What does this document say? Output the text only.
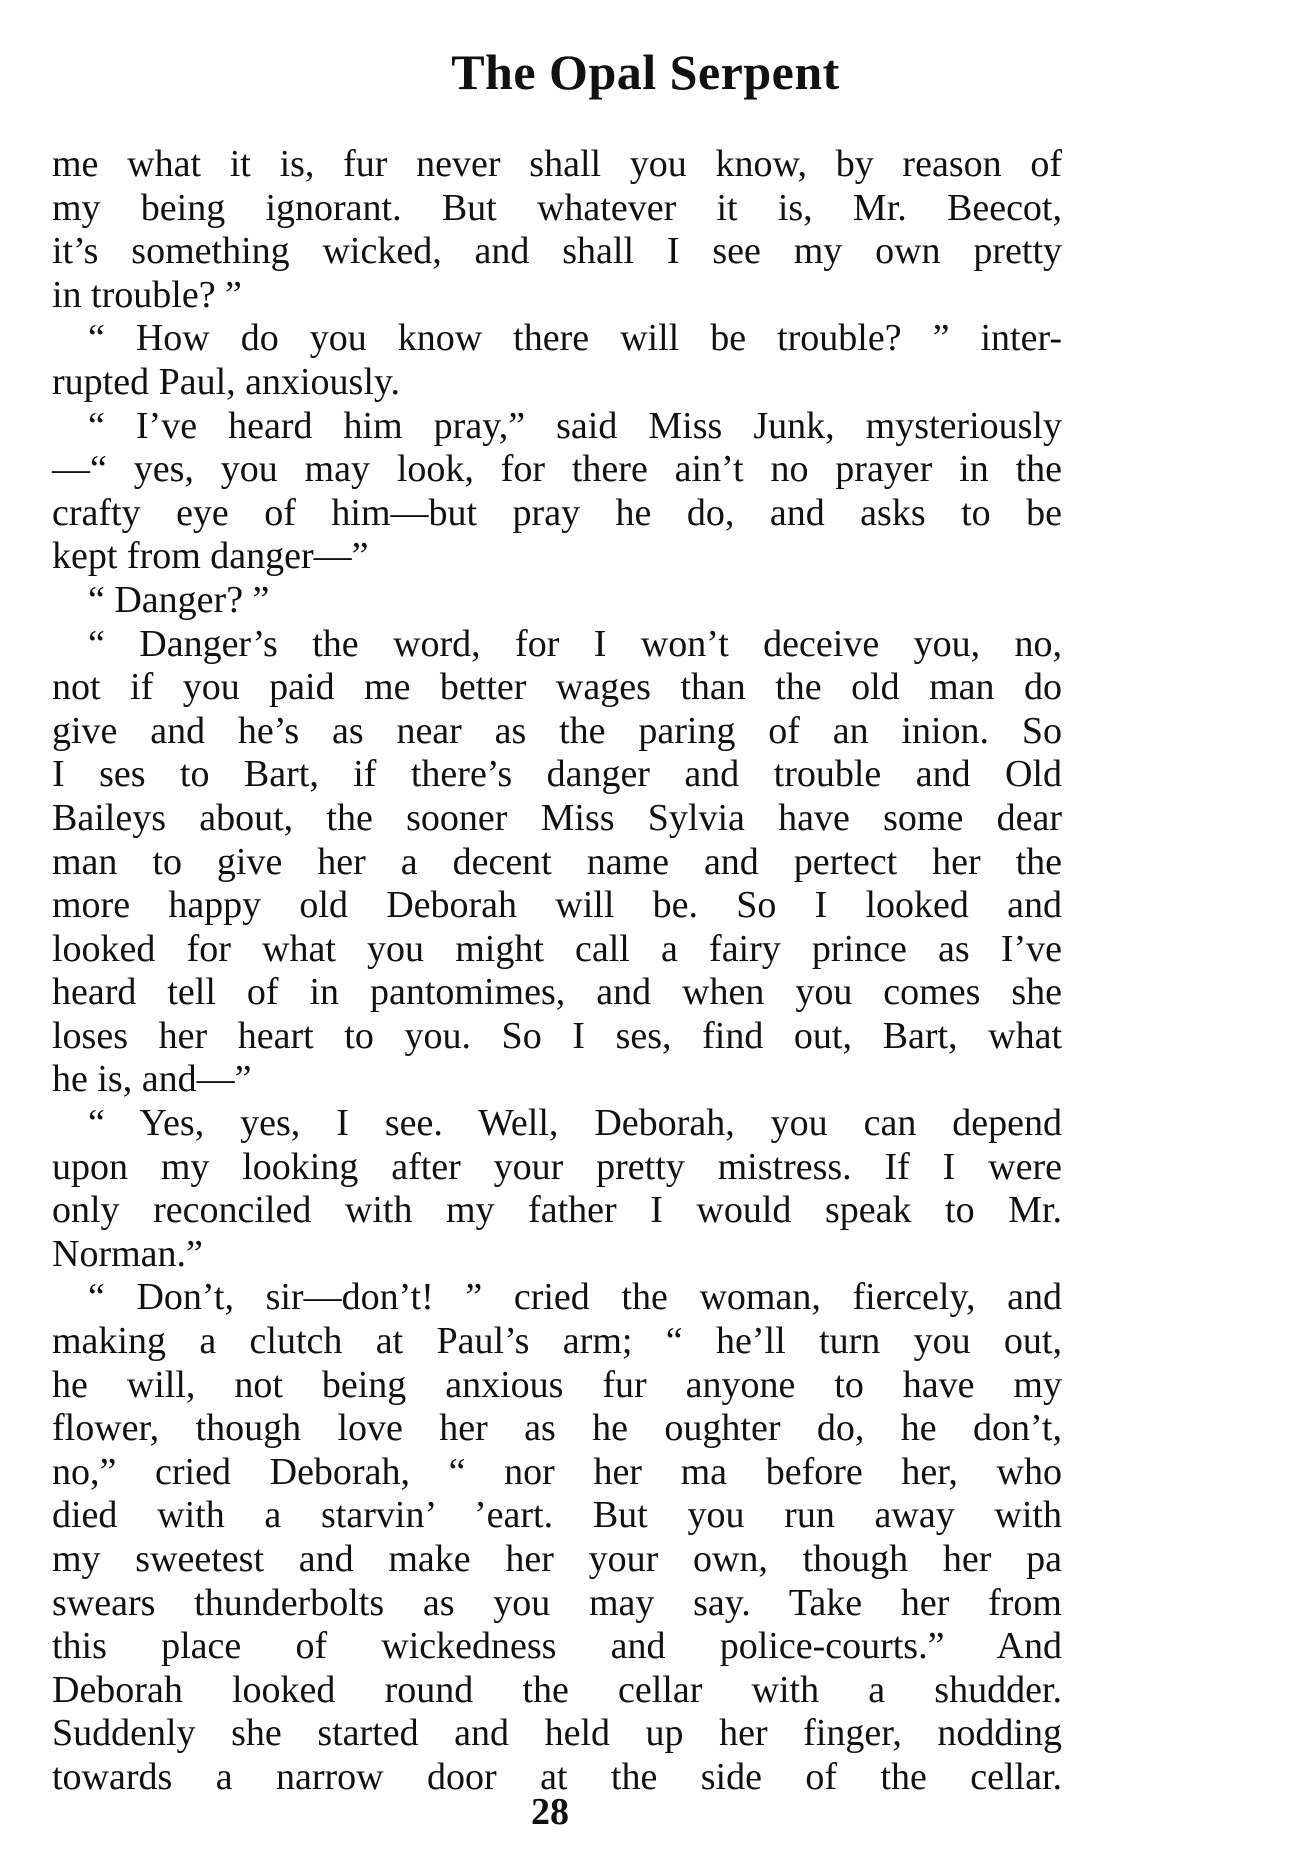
The Opal Serpent
me what it is, fur never shall you know, by reason of
my being ignorant. But whatever it is, Mr. Beecot,
it’s something wicked, and shall I see my own pretty
in trouble? ”
“ How do you know there will be trouble? ” inter-
rupted Paul, anxiously.
“ I’ve heard him pray,” said Miss Junk, mysteriously
—“ yes, you may look, for there ain’t no prayer in the
crafty eye of him—but pray he do, and asks to be
kept from danger—”
“ Danger? ”
“ Danger’s the word, for I won’t deceive you, no,
not if you paid me better wages than the old man do
give and he’s as near as the paring of an inion. So
I ses to Bart, if there’s danger and trouble and Old
Baileys about, the sooner Miss Sylvia have some dear
man to give her a decent name and pertect her the
more happy old Deborah will be. So I looked and
looked for what you might call a fairy prince as I’ve
heard tell of in pantomimes, and when you comes she
loses her heart to you. So I ses, find out, Bart, what
he is, and—”
“ Yes, yes, I see. Well, Deborah, you can depend
upon my looking after your pretty mistress. If I were
only reconciled with my father I would speak to Mr.
Norman.”
“ Don’t, sir—don’t! ” cried the woman, fiercely, and
making a clutch at Paul’s arm; “ he’ll turn you out,
he will, not being anxious fur anyone to have my
flower, though love her as he oughter do, he don’t,
no,” cried Deborah, “ nor her ma before her, who
died with a starvin’ ’eart. But you run away with
my sweetest and make her your own, though her pa
swears thunderbolts as you may say. Take her from
this place of wickedness and police-courts.” And
Deborah looked round the cellar with a shudder.
Suddenly she started and held up her finger, nodding
towards a narrow door at the side of the cellar.
28
